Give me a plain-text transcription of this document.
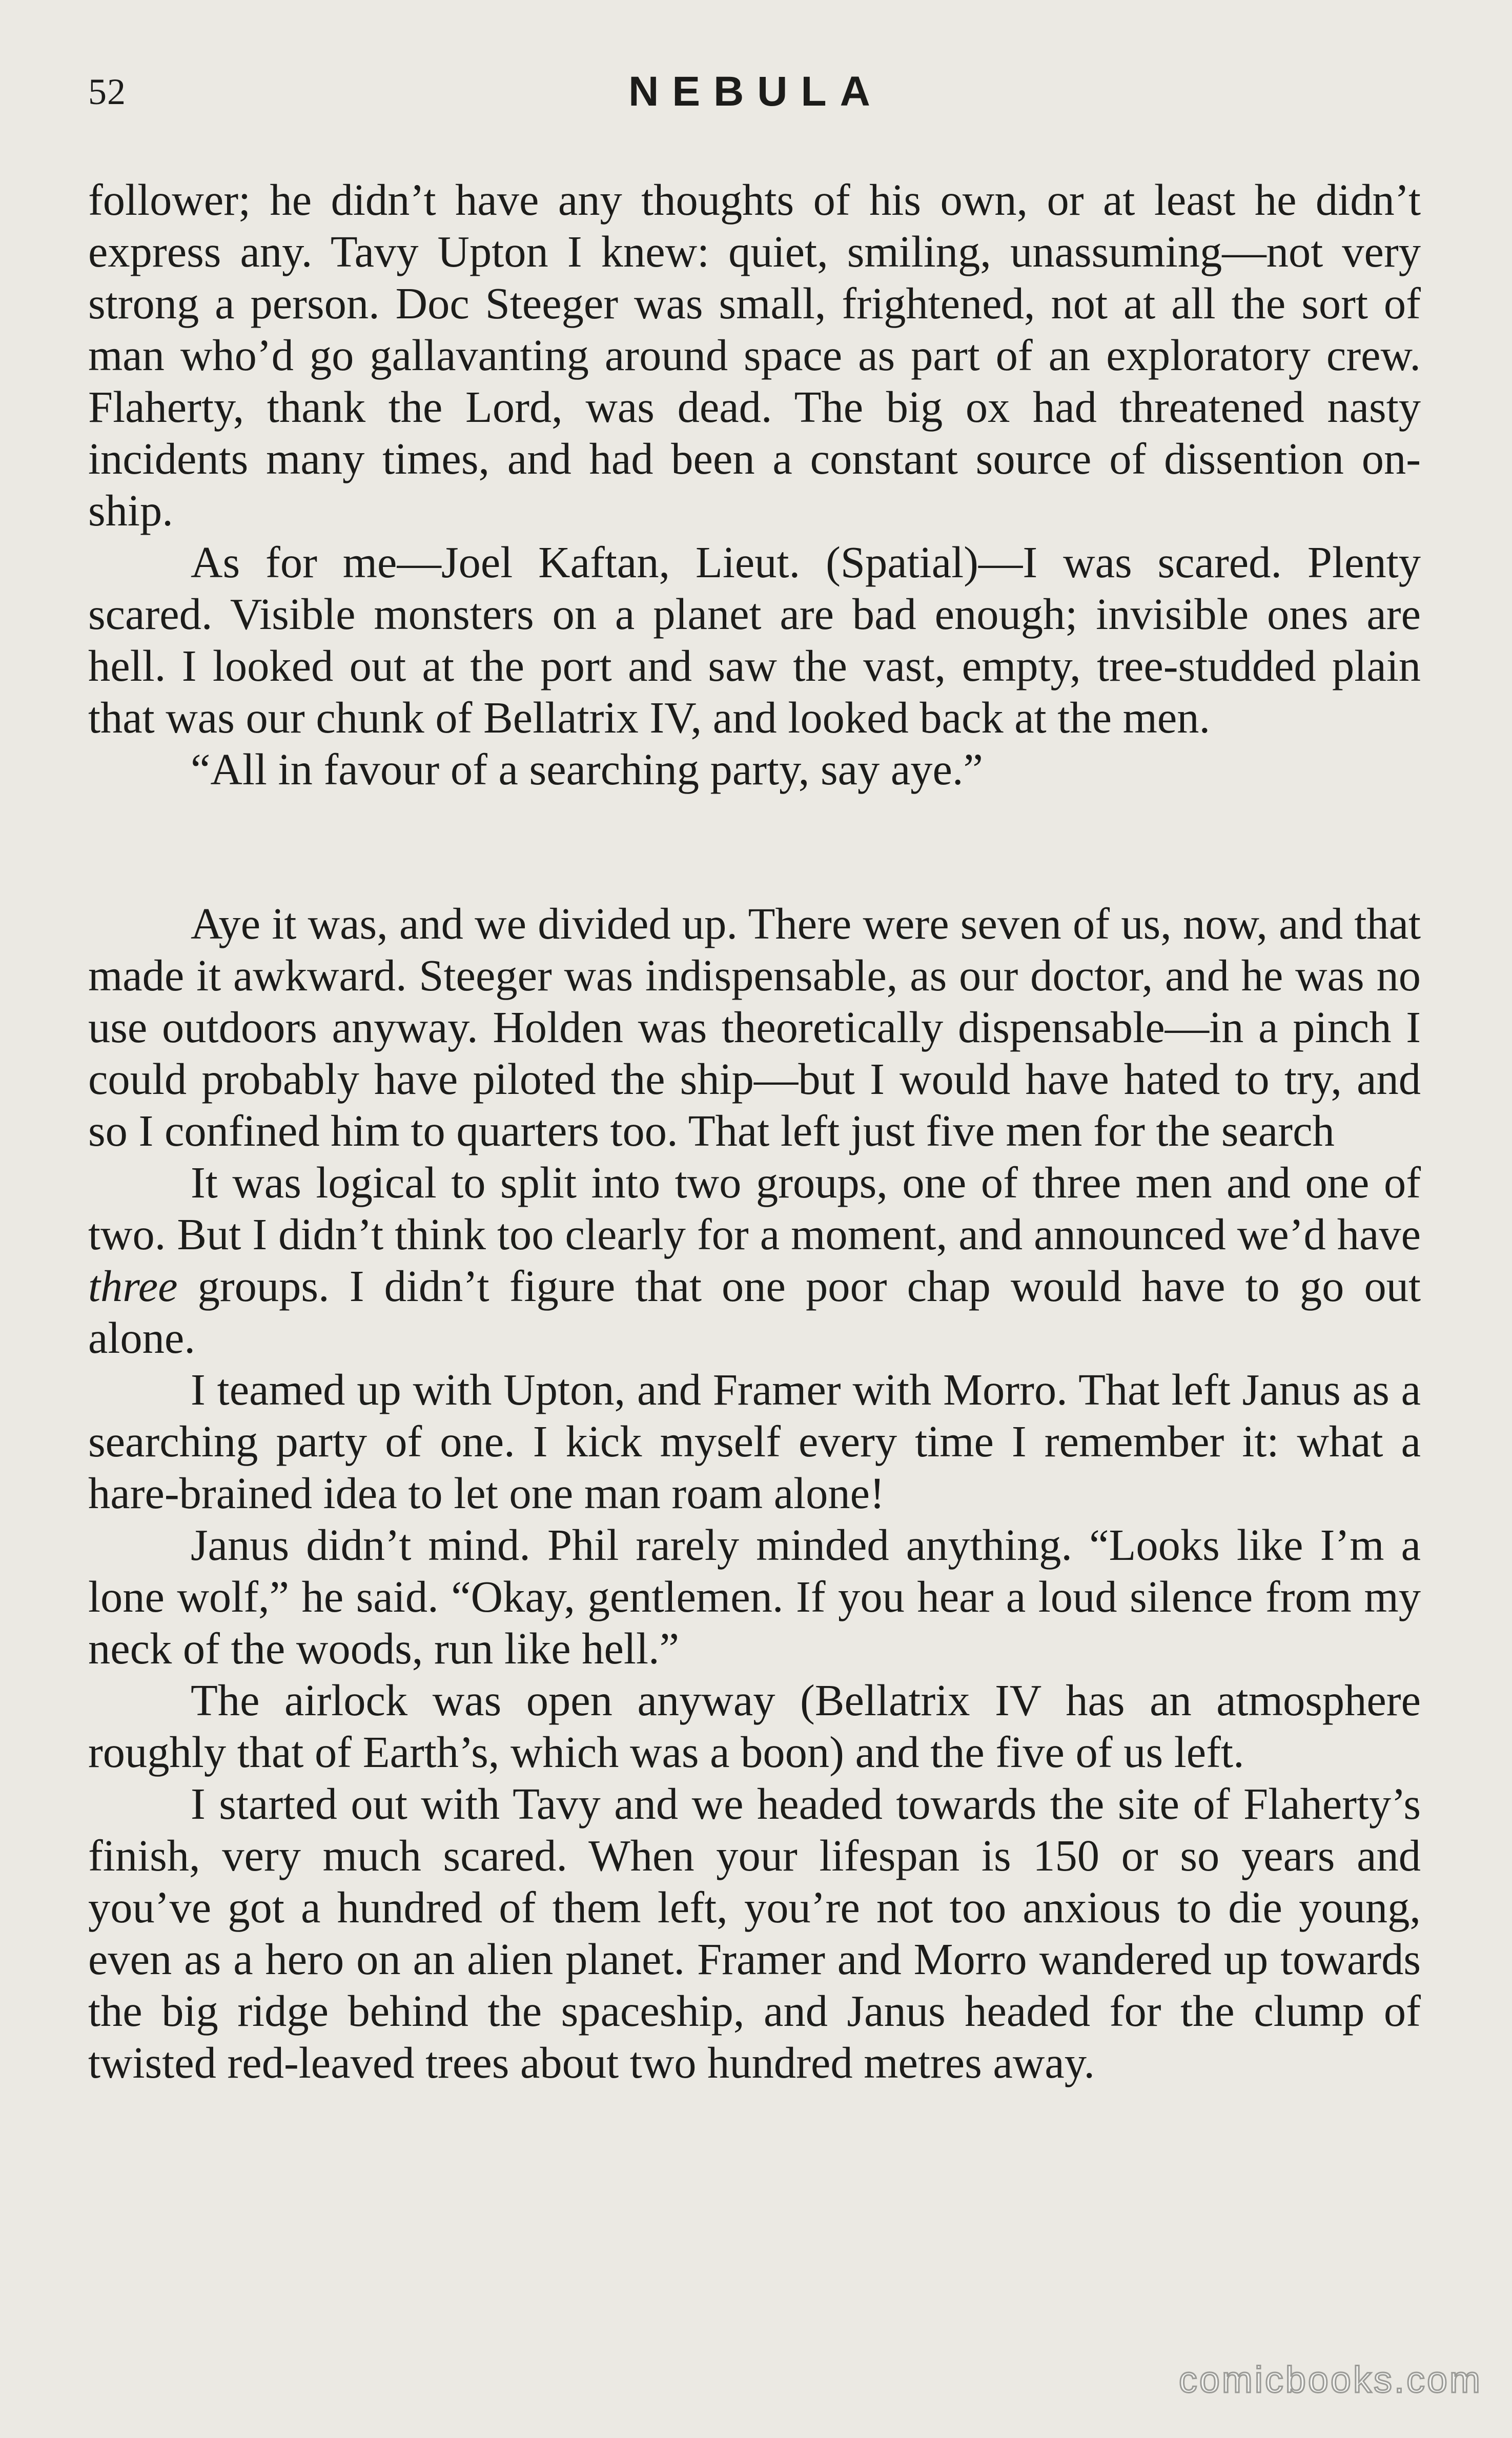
52	NEBULA

follower; he didn’t have any thoughts of his own, or at least he didn’t express any. Tavy Upton I knew: quiet, smiling, unassuming—not very strong a person. Doc Steeger was small, frightened, not at all the sort of man who’d go gallavanting around space as part of an exploratory crew. Flaherty, thank the Lord, was dead. The big ox had threatened nasty incidents many times, and had been a constant source of dissention on-ship.

As for me—Joel Kaftan, Lieut. (Spatial)—I was scared. Plenty scared. Visible monsters on a planet are bad enough; invisible ones are hell. I looked out at the port and saw the vast, empty, tree-studded plain that was our chunk of Bellatrix IV, and looked back at the men.

“All in favour of a searching party, say aye.”

Aye it was, and we divided up. There were seven of us, now, and that made it awkward. Steeger was indispensable, as our doctor, and he was no use outdoors anyway. Holden was theoretically dispensable—in a pinch I could probably have piloted the ship—but I would have hated to try, and so I confined him to quarters too. That left just five men for the search

It was logical to split into two groups, one of three men and one of two. But I didn’t think too clearly for a moment, and announced we’d have three groups. I didn’t figure that one poor chap would have to go out alone.

I teamed up with Upton, and Framer with Morro. That left Janus as a searching party of one. I kick myself every time I remember it: what a hare-brained idea to let one man roam alone!

Janus didn’t mind. Phil rarely minded anything. “Looks like I’m a lone wolf,” he said. “Okay, gentlemen. If you hear a loud silence from my neck of the woods, run like hell.”

The airlock was open anyway (Bellatrix IV has an atmosphere roughly that of Earth’s, which was a boon) and the five of us left.

I started out with Tavy and we headed towards the site of Flaherty’s finish, very much scared. When your lifespan is 150 or so years and you’ve got a hundred of them left, you’re not too anxious to die young, even as a hero on an alien planet. Framer and Morro wandered up towards the big ridge behind the spaceship, and Janus headed for the clump of twisted red-leaved trees about two hundred metres away.

comicbooks.com
